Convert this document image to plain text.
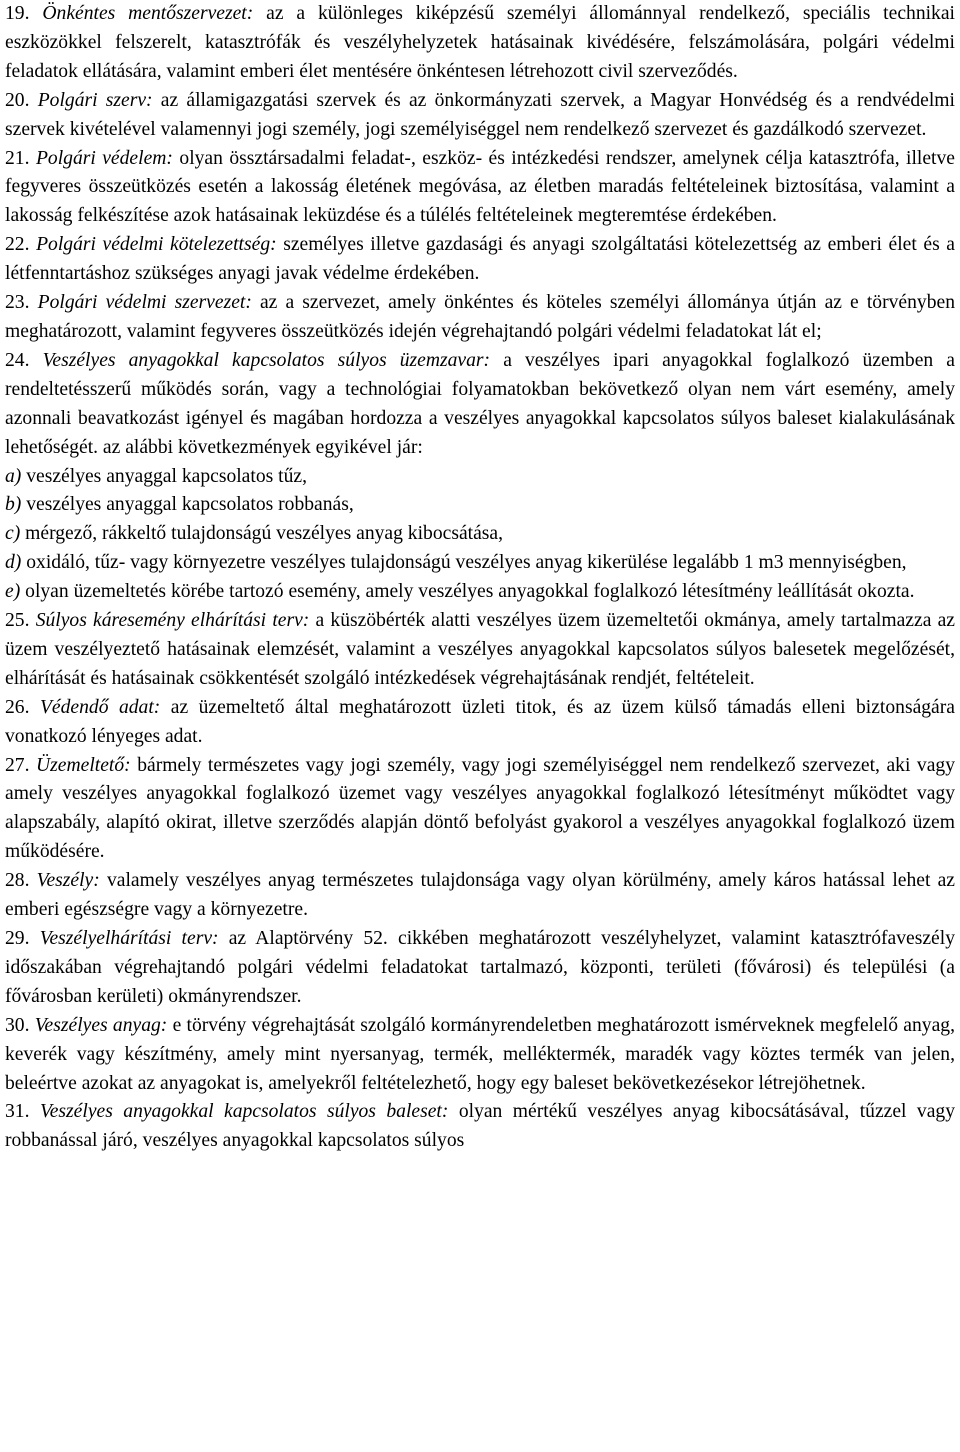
19. Önkéntes mentőszervezet: az a különleges kiképzésű személyi állománnyal rendelkező, speciális technikai eszközökkel felszerelt, katasztrófák és veszélyhelyzetek hatásainak kivédésére, felszámolására, polgári védelmi feladatok ellátására, valamint emberi élet mentésére önkéntesen létrehozott civil szerveződés.

20. Polgári szerv: az államigazgatási szervek és az önkormányzati szervek, a Magyar Honvédség és a rendvédelmi szervek kivételével valamennyi jogi személy, jogi személyiséggel nem rendelkező szervezet és gazdálkodó szervezet.

21. Polgári védelem: olyan össztársadalmi feladat-, eszköz- és intézkedési rendszer, amelynek célja katasztrófa, illetve fegyveres összeütközés esetén a lakosság életének megóvása, az életben maradás feltételeinek biztosítása, valamint a lakosság felkészítése azok hatásainak leküzdése és a túlélés feltételeinek megteremtése érdekében.

22. Polgári védelmi kötelezettség: személyes illetve gazdasági és anyagi szolgáltatási kötelezettség az emberi élet és a létfenntartáshoz szükséges anyagi javak védelme érdekében.

23. Polgári védelmi szervezet: az a szervezet, amely önkéntes és köteles személyi állománya útján az e törvényben meghatározott, valamint fegyveres összeütközés idején végrehajtandó polgári védelmi feladatokat lát el;

24. Veszélyes anyagokkal kapcsolatos súlyos üzemzavar: a veszélyes ipari anyagokkal foglalkozó üzemben a rendeltetésszerű működés során, vagy a technológiai folyamatokban bekövetkező olyan nem várt esemény, amely azonnali beavatkozást igényel és magában hordozza a veszélyes anyagokkal kapcsolatos súlyos baleset kialakulásának lehetőségét. az alábbi következmények egyikével jár:

a) veszélyes anyaggal kapcsolatos tűz,

b) veszélyes anyaggal kapcsolatos robbanás,

c) mérgező, rákkeltő tulajdonságú veszélyes anyag kibocsátása,

d) oxidáló, tűz- vagy környezetre veszélyes tulajdonságú veszélyes anyag kikerülése legalább 1 m3 mennyiségben,

e) olyan üzemeltetés körébe tartozó esemény, amely veszélyes anyagokkal foglalkozó létesítmény leállítását okozta.

25. Súlyos káresemény elhárítási terv: a küszöbérték alatti veszélyes üzem üzemeltetői okmánya, amely tartalmazza az üzem veszélyeztető hatásainak elemzését, valamint a veszélyes anyagokkal kapcsolatos súlyos balesetek megelőzését, elhárítását és hatásainak csökkentését szolgáló intézkedések végrehajtásának rendjét, feltételeit.

26. Védendő adat: az üzemeltető által meghatározott üzleti titok, és az üzem külső támadás elleni biztonságára vonatkozó lényeges adat.

27. Üzemeltető: bármely természetes vagy jogi személy, vagy jogi személyiséggel nem rendelkező szervezet, aki vagy amely veszélyes anyagokkal foglalkozó üzemet vagy veszélyes anyagokkal foglalkozó létesítményt működtet vagy alapszabály, alapító okirat, illetve szerződés alapján döntő befolyást gyakorol a veszélyes anyagokkal foglalkozó üzem működésére.

28. Veszély: valamely veszélyes anyag természetes tulajdonsága vagy olyan körülmény, amely káros hatással lehet az emberi egészségre vagy a környezetre.

29. Veszélyelhárítási terv: az Alaptörvény 52. cikkében meghatározott veszélyhelyzet, valamint katasztrófaveszély időszakában végrehajtandó polgári védelmi feladatokat tartalmazó, központi, területi (fővárosi) és települési (a fővárosban kerületi) okmányrendszer.

30. Veszélyes anyag: e törvény végrehajtását szolgáló kormányrendeletben meghatározott ismérveknek megfelelő anyag, keverék vagy készítmény, amely mint nyersanyag, termék, melléktermék, maradék vagy köztes termék van jelen, beleértve azokat az anyagokat is, amelyekről feltételezhető, hogy egy baleset bekövetkezésekor létrejöhetnek.

31. Veszélyes anyagokkal kapcsolatos súlyos baleset: olyan mértékű veszélyes anyag kibocsátásával, tűzzel vagy robbanással járó, veszélyes anyagokkal kapcsolatos súlyos
